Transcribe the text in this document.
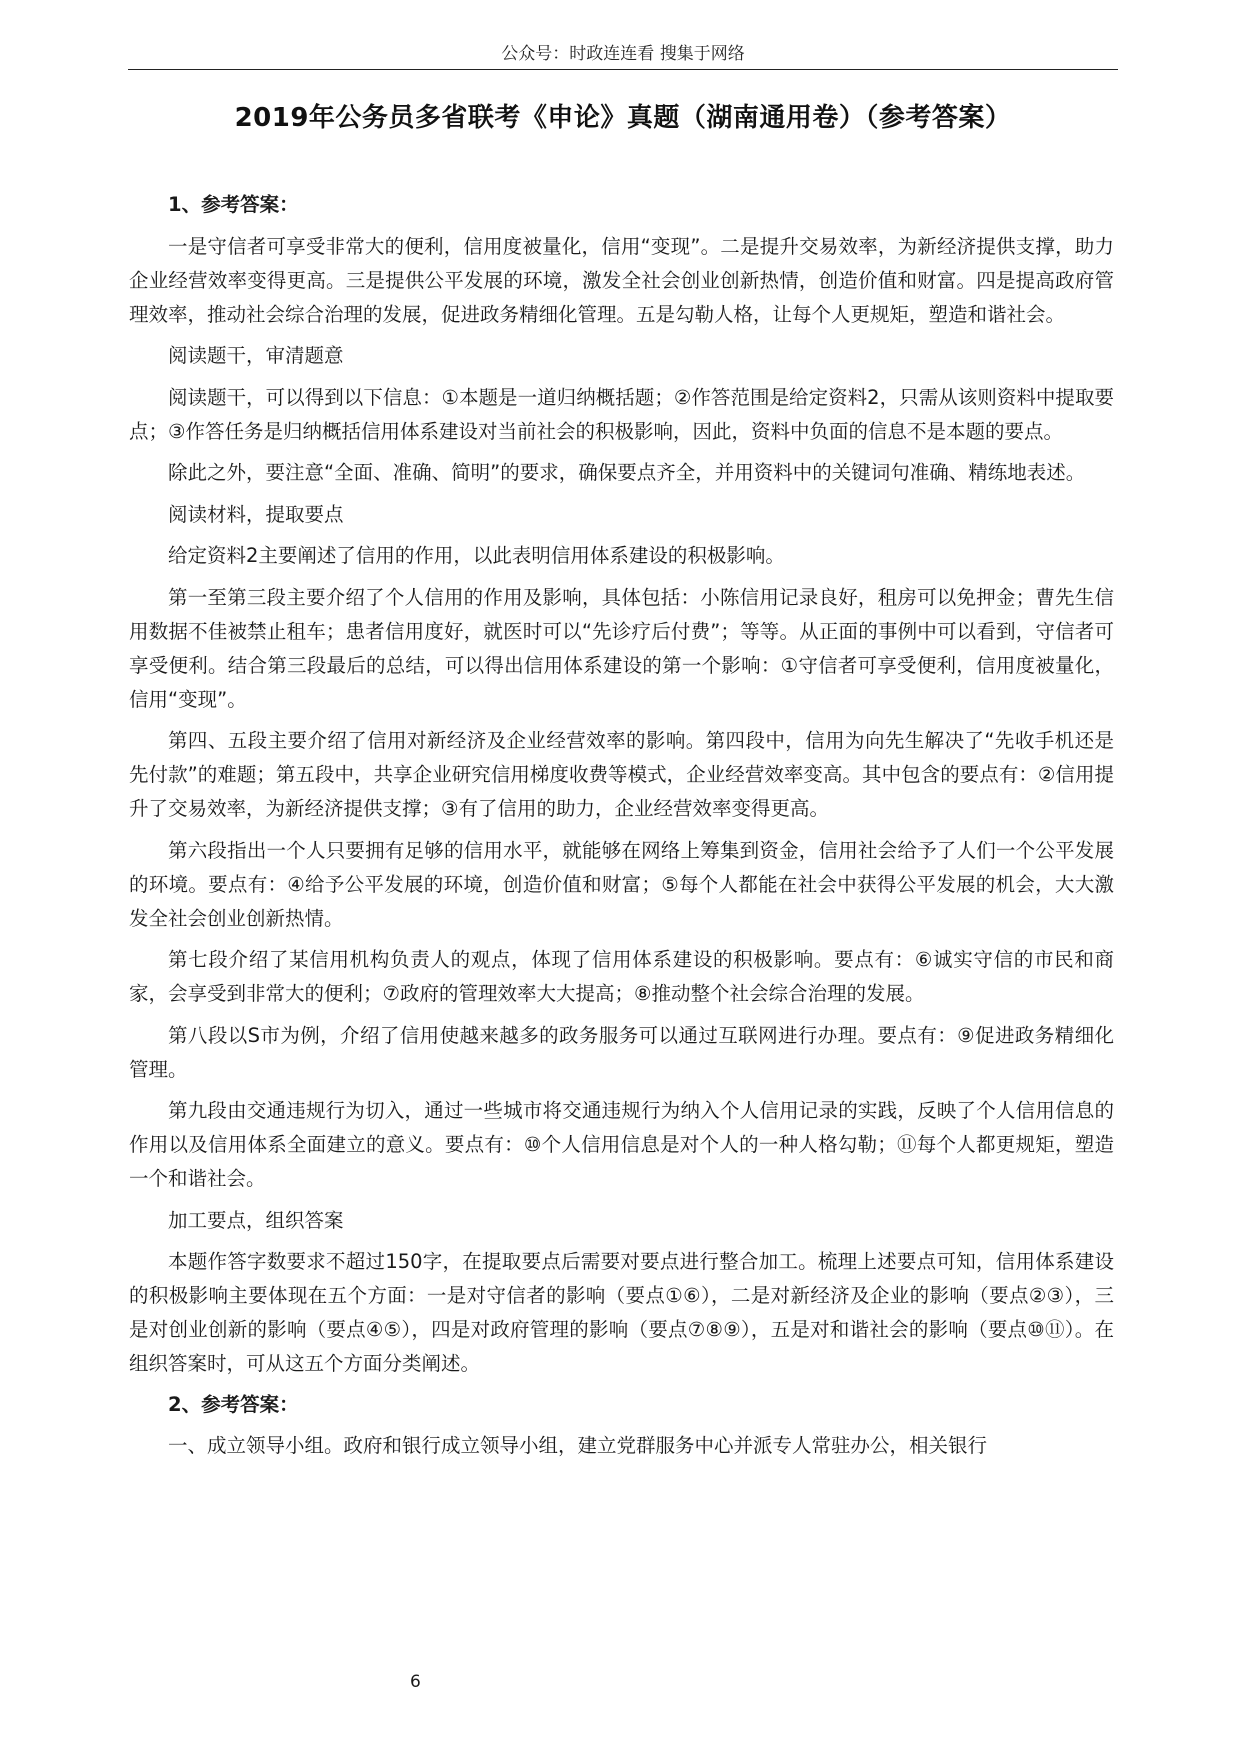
公众号：时政连连看 搜集于网络
2019年公务员多省联考《申论》真题（湖南通用卷）（参考答案）

1、参考答案：

一是守信者可享受非常大的便利，信用度被量化，信用“变现”。二是提升交易效率，为新经济提供支撑，助力企业经营效率变得更高。三是提供公平发展的环境，激发全社会创业创新热情，创造价值和财富。四是提高政府管理效率，推动社会综合治理的发展，促进政务精细化管理。五是勾勒人格，让每个人更规矩，塑造和谐社会。

阅读题干，审清题意

阅读题干，可以得到以下信息：①本题是一道归纳概括题；②作答范围是给定资料2，只需从该则资料中提取要点；③作答任务是归纳概括信用体系建设对当前社会的积极影响，因此，资料中负面的信息不是本题的要点。

除此之外，要注意“全面、准确、简明”的要求，确保要点齐全，并用资料中的关键词句准确、精练地表述。

阅读材料，提取要点

给定资料2主要阐述了信用的作用，以此表明信用体系建设的积极影响。

第一至第三段主要介绍了个人信用的作用及影响，具体包括：小陈信用记录良好，租房可以免押金；曹先生信用数据不佳被禁止租车；患者信用度好，就医时可以“先诊疗后付费”；等等。从正面的事例中可以看到，守信者可享受便利。结合第三段最后的总结，可以得出信用体系建设的第一个影响：①守信者可享受便利，信用度被量化，信用“变现”。

第四、五段主要介绍了信用对新经济及企业经营效率的影响。第四段中，信用为向先生解决了“先收手机还是先付款”的难题；第五段中，共享企业研究信用梯度收费等模式，企业经营效率变高。其中包含的要点有：②信用提升了交易效率，为新经济提供支撑；③有了信用的助力，企业经营效率变得更高。

第六段指出一个人只要拥有足够的信用水平，就能够在网络上筹集到资金，信用社会给予了人们一个公平发展的环境。要点有：④给予公平发展的环境，创造价值和财富；⑤每个人都能在社会中获得公平发展的机会，大大激发全社会创业创新热情。

第七段介绍了某信用机构负责人的观点，体现了信用体系建设的积极影响。要点有：⑥诚实守信的市民和商家，会享受到非常大的便利；⑦政府的管理效率大大提高；⑧推动整个社会综合治理的发展。

第八段以S市为例，介绍了信用使越来越多的政务服务可以通过互联网进行办理。要点有：⑨促进政务精细化管理。

第九段由交通违规行为切入，通过一些城市将交通违规行为纳入个人信用记录的实践，反映了个人信用信息的作用以及信用体系全面建立的意义。要点有：⑩个人信用信息是对个人的一种人格勾勒；⑪每个人都更规矩，塑造一个和谐社会。

加工要点，组织答案

本题作答字数要求不超过150字，在提取要点后需要对要点进行整合加工。梳理上述要点可知，信用体系建设的积极影响主要体现在五个方面：一是对守信者的影响（要点①⑥），二是对新经济及企业的影响（要点②③），三是对创业创新的影响（要点④⑤），四是对政府管理的影响（要点⑦⑧⑨），五是对和谐社会的影响（要点⑩⑪）。在组织答案时，可从这五个方面分类阐述。

2、参考答案：

一、成立领导小组。政府和银行成立领导小组，建立党群服务中心并派专人常驻办公，相关银行

6
